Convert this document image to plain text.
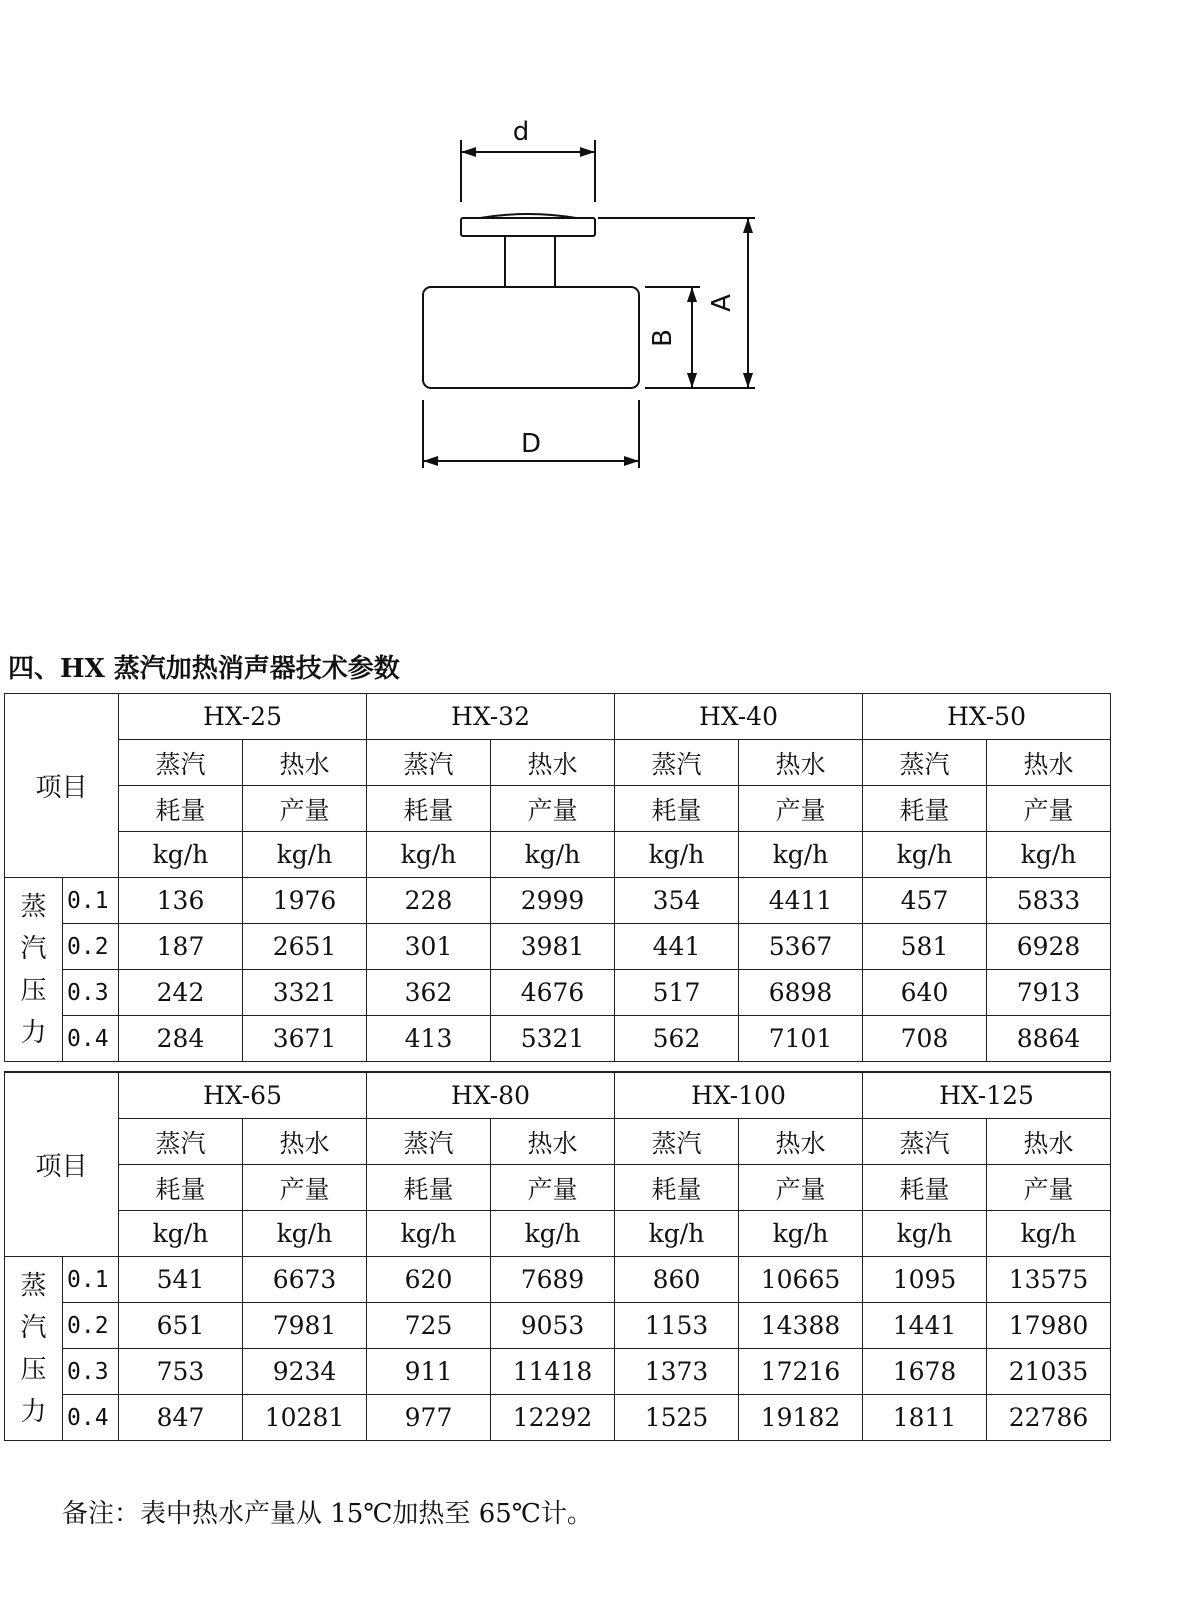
d
D
A
B
四、HX 蒸汽加热消声器技术参数
项目		HX-25		HX-32		HX-40		HX-50	
		蒸汽	热水	蒸汽	热水	蒸汽	热水	蒸汽	热水
		耗量	产量	耗量	产量	耗量	产量	耗量	产量
		kg/h	kg/h	kg/h	kg/h	kg/h	kg/h	kg/h	kg/h

蒸
汽
压
力	0.1	136	1976	228	2999	354	4411	457	5833
	0.2	187	2651	301	3981	441	5367	581	6928
	0.3	242	3321	362	4676	517	6898	640	7913
	0.4	284	3671	413	5321	562	7101	708	8864
项目		HX-65		HX-80		HX-100		HX-125	
		蒸汽	热水	蒸汽	热水	蒸汽	热水	蒸汽	热水
		耗量	产量	耗量	产量	耗量	产量	耗量	产量
		kg/h	kg/h	kg/h	kg/h	kg/h	kg/h	kg/h	kg/h

蒸
汽
压
力	0.1	541	6673	620	7689	860	10665	1095	13575
	0.2	651	7981	725	9053	1153	14388	1441	17980
	0.3	753	9234	911	11418	1373	17216	1678	21035
	0.4	847	10281	977	12292	1525	19182	1811	22786
备注：表中热水产量从 15℃加热至 65℃计。
